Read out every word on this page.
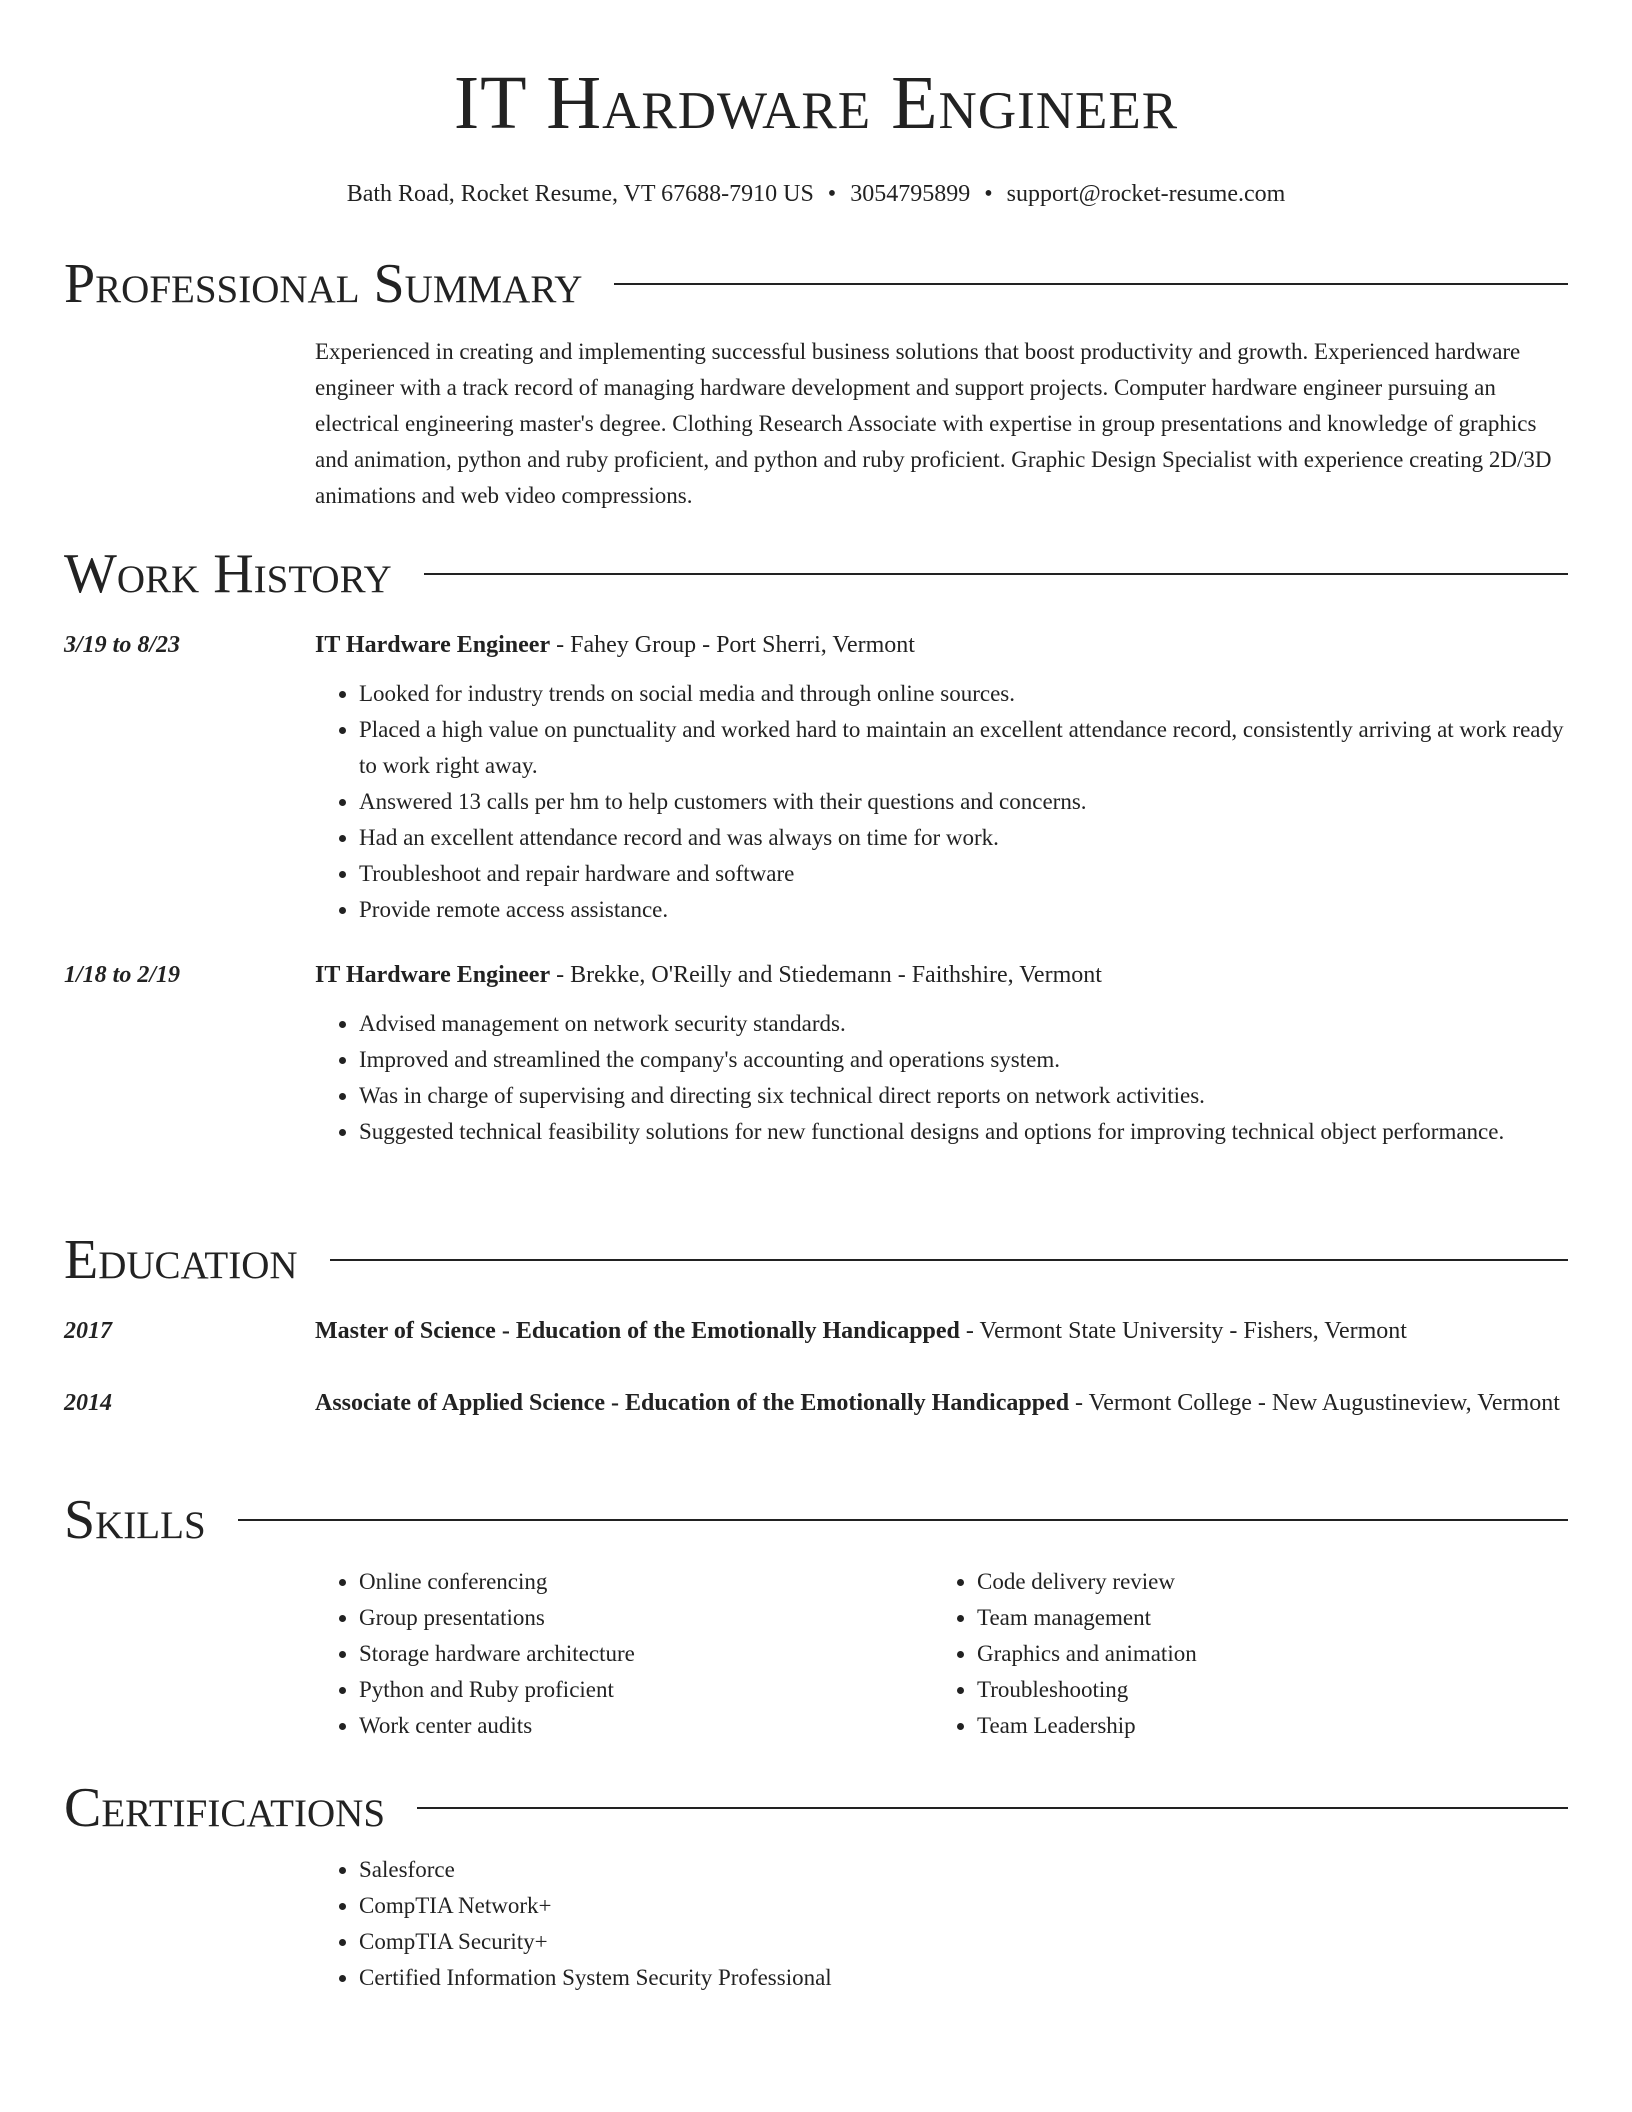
IT Hardware Engineer
Bath Road, Rocket Resume, VT 67688-7910 US • 3054795899 • support@rocket-resume.com
Professional Summary

Experienced in creating and implementing successful business solutions that boost productivity and growth. Experienced hardware engineer with a track record of managing hardware development and support projects. Computer hardware engineer pursuing an electrical engineering master's degree. Clothing Research Associate with expertise in group presentations and knowledge of graphics and animation, python and ruby proficient, and python and ruby proficient. Graphic Design Specialist with experience creating 2D/3D animations and web video compressions.

Work History
3/19 to 8/23	IT Hardware Engineer - Fahey Group - Port Sherri, Vermont
• Looked for industry trends on social media and through online sources.
• Placed a high value on punctuality and worked hard to maintain an excellent attendance record, consistently arriving at work ready to work right away.
• Answered 13 calls per hm to help customers with their questions and concerns.
• Had an excellent attendance record and was always on time for work.
• Troubleshoot and repair hardware and software
• Provide remote access assistance.
1/18 to 2/19	IT Hardware Engineer - Brekke, O'Reilly and Stiedemann - Faithshire, Vermont
• Advised management on network security standards.
• Improved and streamlined the company's accounting and operations system.
• Was in charge of supervising and directing six technical direct reports on network activities.
• Suggested technical feasibility solutions for new functional designs and options for improving technical object performance.
Education
2017	Master of Science - Education of the Emotionally Handicapped - Vermont State University - Fishers, Vermont
2014	Associate of Applied Science - Education of the Emotionally Handicapped - Vermont College - New Augustineview, Vermont
Skills
• Online conferencing
• Group presentations
• Storage hardware architecture
• Python and Ruby proficient
• Work center audits
• Code delivery review
• Team management
• Graphics and animation
• Troubleshooting
• Team Leadership
Certifications
• Salesforce
• CompTIA Network+
• CompTIA Security+
• Certified Information System Security Professional
